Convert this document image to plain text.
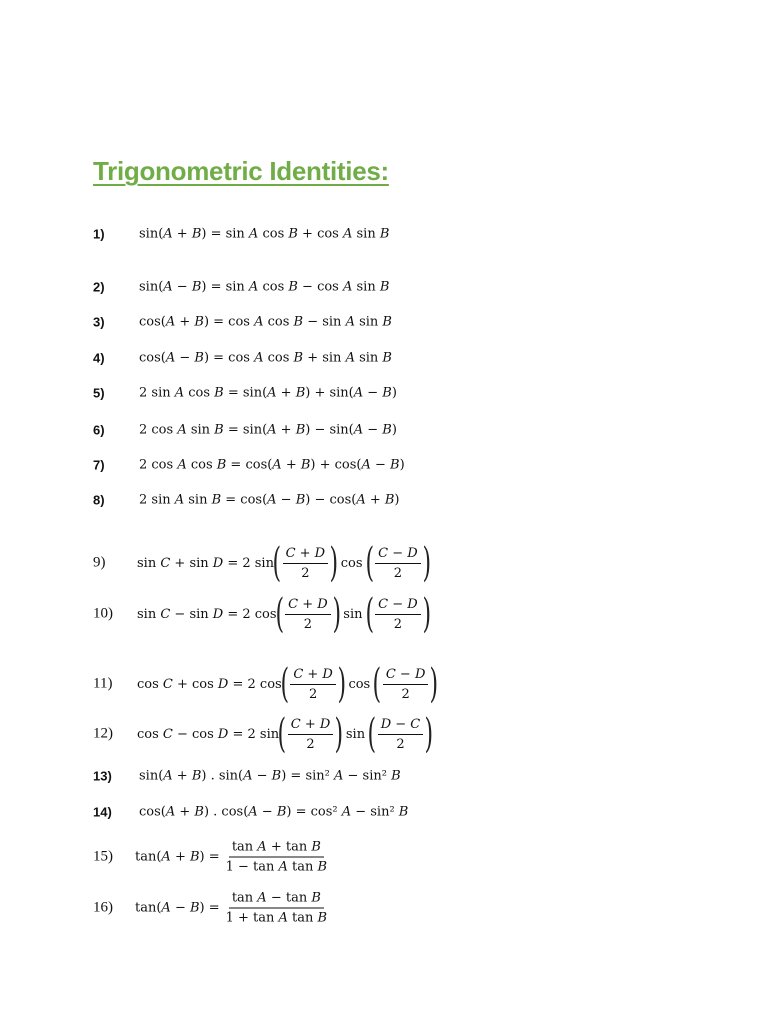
Trigonometric Identities:
1)	sin(𝐴 + 𝐵) = sin 𝐴 cos 𝐵 + cos 𝐴 sin 𝐵
2)	sin(𝐴 − 𝐵) = sin 𝐴 cos 𝐵 − cos 𝐴 sin 𝐵
3)	cos(𝐴 + 𝐵) = cos 𝐴 cos 𝐵 − sin 𝐴 sin 𝐵
4)	cos(𝐴 − 𝐵) = cos 𝐴 cos 𝐵 + sin 𝐴 sin 𝐵
5)	2 sin 𝐴 cos 𝐵 = sin(𝐴 + 𝐵) + sin(𝐴 − 𝐵)
6)	2 cos 𝐴 sin 𝐵 = sin(𝐴 + 𝐵) − sin(𝐴 − 𝐵)
7)	2 cos 𝐴 cos 𝐵 = cos(𝐴 + 𝐵) + cos(𝐴 − 𝐵)
8)	2 sin 𝐴 sin 𝐵 = cos(𝐴 − 𝐵) − cos(𝐴 + 𝐵)
9) sin 𝐶 + sin 𝐷 = 2 sin
( $\frac{\text{𝐶 + 𝐷}}{2}$ ) cos ( $\frac{\text{𝐶 − 𝐷}}{2}$ )
10) sin 𝐶 − sin 𝐷 = 2 cos
( $\frac{\text{𝐶 + 𝐷}}{2}$ ) sin ( $\frac{\text{𝐶 − 𝐷}}{2}$ )
11) cos 𝐶 + cos 𝐷 = 2 cos
( $\frac{\text{𝐶 + 𝐷}}{2}$ ) cos ( $\frac{\text{𝐶 − 𝐷}}{2}$ )
12) cos 𝐶 − cos 𝐷 = 2 sin
( $\frac{\text{𝐶 + 𝐷}}{2}$ ) sin ( $\frac{\text{𝐷 − 𝐶}}{2}$ )
13) sin(𝐴 + 𝐵) . sin(𝐴 − 𝐵) = sin² 𝐴 − sin² 𝐵
14) cos(𝐴 + 𝐵) . cos(𝐴 − 𝐵) = cos² 𝐴 − sin² 𝐵
15) tan(𝐴 + 𝐵) = $\frac{\text{tan 𝐴 + tan 𝐵}}{\text{1 − tan 𝐴 tan 𝐵}}$
16) tan(𝐴 − 𝐵) = $\frac{\text{tan 𝐴 − tan 𝐵}}{\text{1 + tan 𝐴 tan 𝐵}}$
